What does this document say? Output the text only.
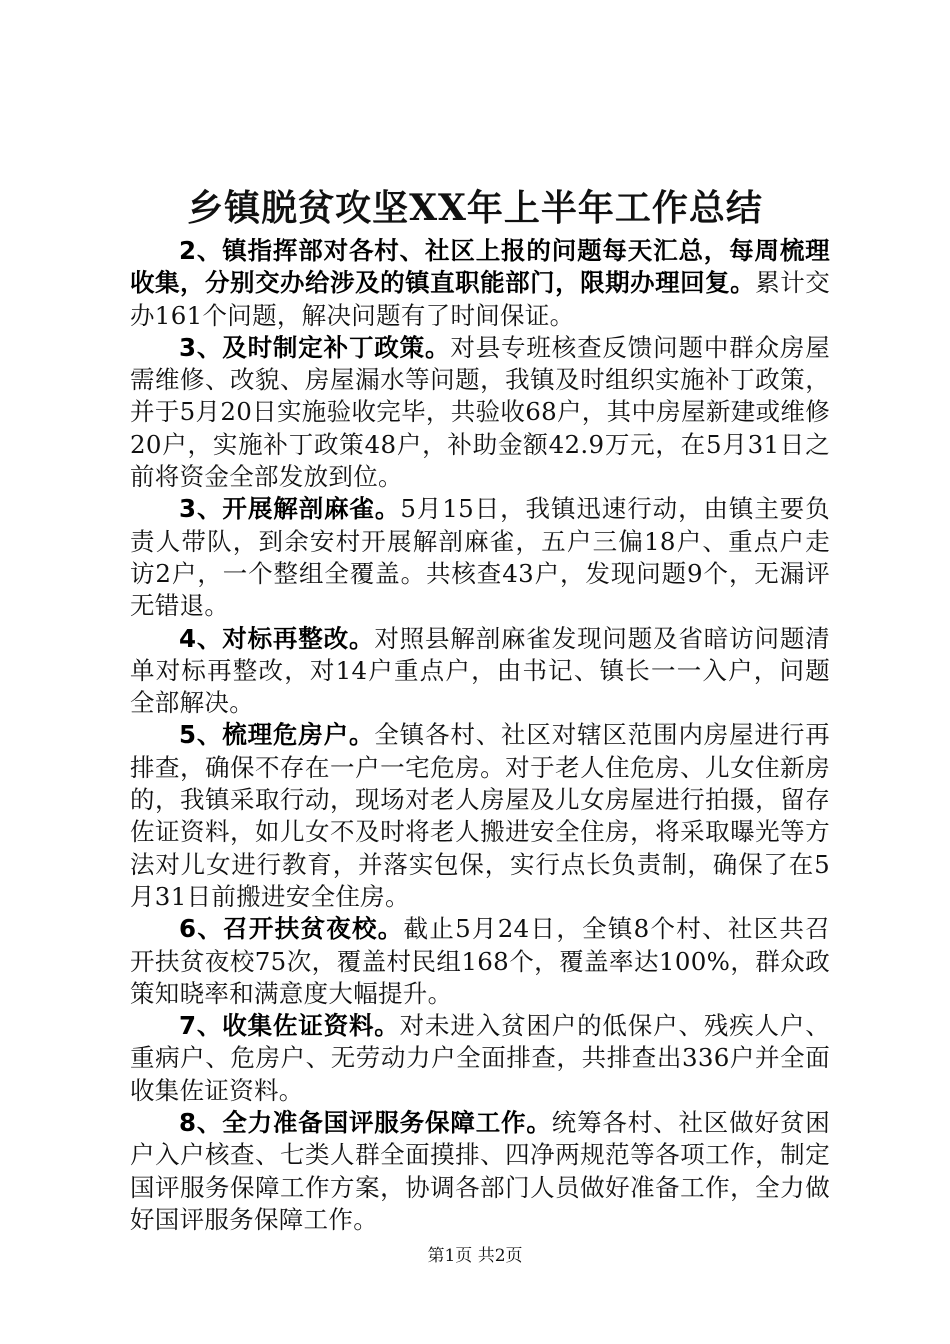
乡镇脱贫攻坚XX年上半年工作总结

2、镇指挥部对各村、社区上报的问题每天汇总，每周梳理收集，分别交办给涉及的镇直职能部门，限期办理回复。累计交办161个问题，解决问题有了时间保证。

3、及时制定补丁政策。对县专班核查反馈问题中群众房屋需维修、改貌、房屋漏水等问题，我镇及时组织实施补丁政策，并于5月20日实施验收完毕，共验收68户，其中房屋新建或维修20户，实施补丁政策48户，补助金额42.9万元，在5月31日之前将资金全部发放到位。

3、开展解剖麻雀。5月15日，我镇迅速行动，由镇主要负责人带队，到余安村开展解剖麻雀，五户三偏18户、重点户走访2户，一个整组全覆盖。共核查43户，发现问题9个，无漏评无错退。

4、对标再整改。对照县解剖麻雀发现问题及省暗访问题清单对标再整改，对14户重点户，由书记、镇长一一入户，问题全部解决。

5、梳理危房户。全镇各村、社区对辖区范围内房屋进行再排查，确保不存在一户一宅危房。对于老人住危房、儿女住新房的，我镇采取行动，现场对老人房屋及儿女房屋进行拍摄，留存佐证资料，如儿女不及时将老人搬进安全住房，将采取曝光等方法对儿女进行教育，并落实包保，实行点长负责制，确保了在5月31日前搬进安全住房。

6、召开扶贫夜校。截止5月24日，全镇8个村、社区共召开扶贫夜校75次，覆盖村民组168个，覆盖率达100%，群众政策知晓率和满意度大幅提升。

7、收集佐证资料。对未进入贫困户的低保户、残疾人户、重病户、危房户、无劳动力户全面排查，共排查出336户并全面收集佐证资料。

8、全力准备国评服务保障工作。统筹各村、社区做好贫困户入户核查、七类人群全面摸排、四净两规范等各项工作，制定国评服务保障工作方案，协调各部门人员做好准备工作，全力做好国评服务保障工作。

第1页 共2页
